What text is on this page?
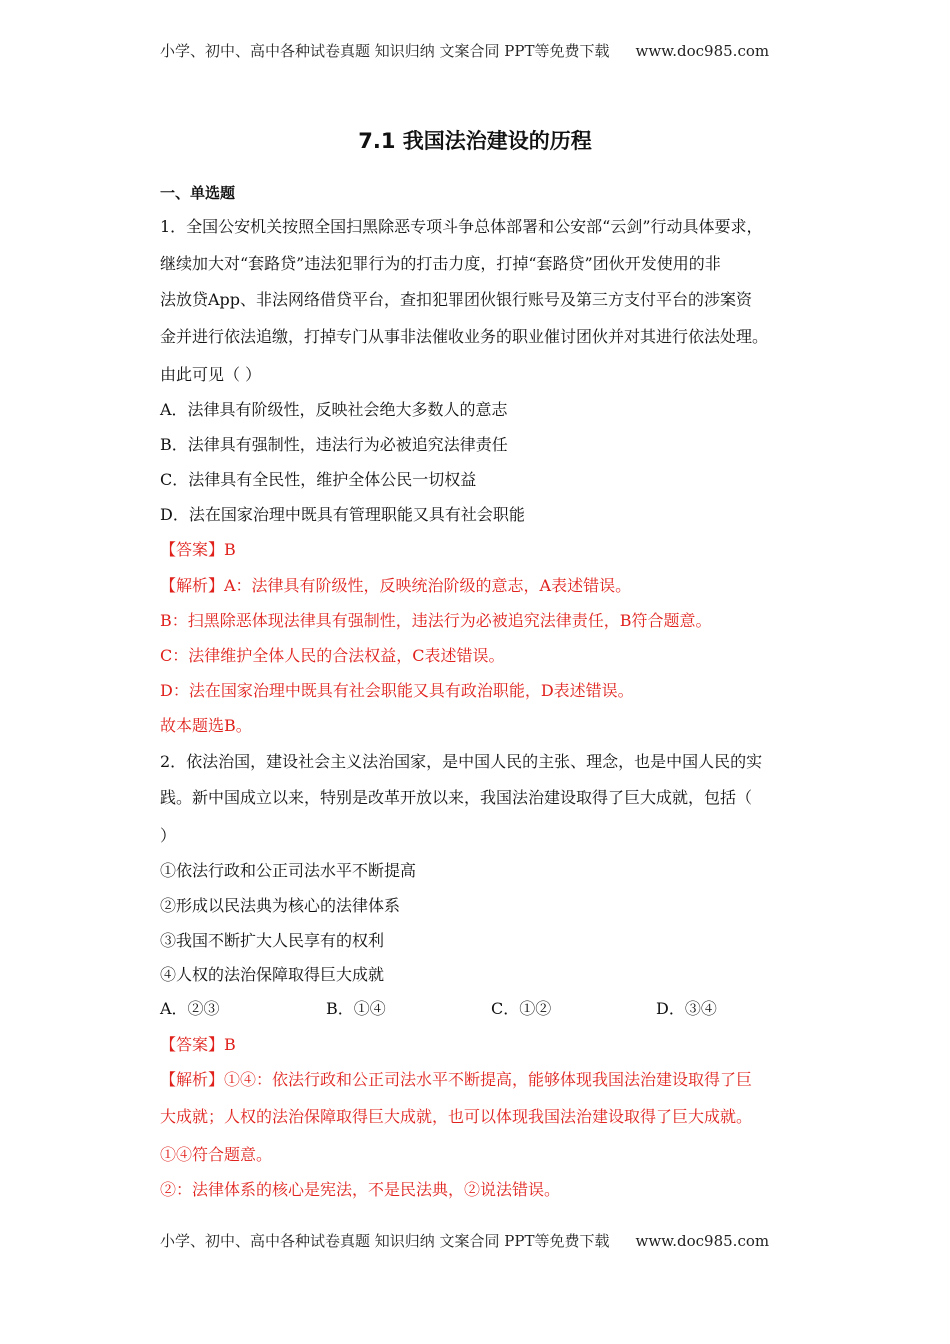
小学、初中、高中各种试卷真题 知识归纳 文案合同 PPT等免费下载 www.doc985.com
7.1 我国法治建设的历程
一、单选题
1．全国公安机关按照全国扫黑除恶专项斗争总体部署和公安部“云剑”行动具体要求，
继续加大对“套路贷”违法犯罪行为的打击力度，打掉“套路贷”团伙开发使用的非
法放贷App、非法网络借贷平台，查扣犯罪团伙银行账号及第三方支付平台的涉案资
金并进行依法追缴，打掉专门从事非法催收业务的职业催讨团伙并对其进行依法处理。
由此可见（ ）
A．法律具有阶级性，反映社会绝大多数人的意志
B．法律具有强制性，违法行为必被追究法律责任
C．法律具有全民性，维护全体公民一切权益
D．法在国家治理中既具有管理职能又具有社会职能
【答案】B
【解析】A：法律具有阶级性，反映统治阶级的意志，A表述错误。
B：扫黑除恶体现法律具有强制性，违法行为必被追究法律责任，B符合题意。
C：法律维护全体人民的合法权益，C表述错误。
D：法在国家治理中既具有社会职能又具有政治职能，D表述错误。
故本题选B。
2．依法治国，建设社会主义法治国家，是中国人民的主张、理念，也是中国人民的实
践。新中国成立以来，特别是改革开放以来，我国法治建设取得了巨大成就，包括（
）
①依法行政和公正司法水平不断提高
②形成以民法典为核心的法律体系
③我国不断扩大人民享有的权利
④人权的法治保障取得巨大成就
A．②③	B．①④	C．①②	D．③④
【答案】B
【解析】①④：依法行政和公正司法水平不断提高，能够体现我国法治建设取得了巨
大成就；人权的法治保障取得巨大成就，也可以体现我国法治建设取得了巨大成就。
①④符合题意。
②：法律体系的核心是宪法，不是民法典，②说法错误。
小学、初中、高中各种试卷真题 知识归纳 文案合同 PPT等免费下载 www.doc985.com
